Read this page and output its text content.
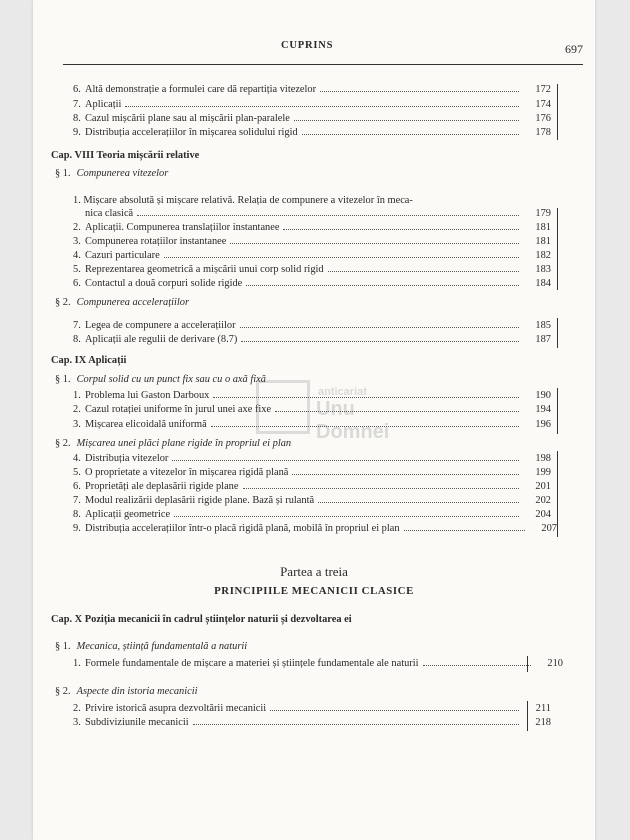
CUPRINS	697
6. Altă demonstrație a formulei care dă repartiția vitezelor	172
7. Aplicații	174
8. Cazul mișcării plane sau al mișcării plan-paralele	176
9. Distribuția accelerațiilor în mișcarea solidului rigid	178
Cap. VIII Teoria mișcării relative
§ 1. Compunerea vitezelor
1. Mișcare absolută și mișcare relativă. Relația de compunere a vitezelor în meca-
nica clasică	179
2. Aplicații. Compunerea translațiilor instantanee	181
3. Compunerea rotațiilor instantanee	181
4. Cazuri particulare	182
5. Reprezentarea geometrică a mișcării unui corp solid rigid	183
6. Contactul a două corpuri solide rigide	184
§ 2. Compunerea accelerațiilor
7. Legea de compunere a accelerațiilor	185
8. Aplicații ale regulii de derivare (8.7)	187
Cap. IX Aplicații
§ 1. Corpul solid cu un punct fix sau cu o axă fixă
1. Problema lui Gaston Darboux	190
2. Cazul rotației uniforme în jurul unei axe fixe	194
3. Mișcarea elicoidală uniformă	196
§ 2. Mișcarea unei plăci plane rigide în propriul ei plan
4. Distribuția vitezelor	198
5. O proprietate a vitezelor în mișcarea rigidă plană	199
6. Proprietăți ale deplasării rigide plane	201
7. Modul realizării deplasării rigide plane. Bază și rulantă	202
8. Aplicații geometrice	204
9. Distribuția accelerațiilor într-o placă rigidă plană, mobilă în propriul ei plan	207
Partea a treia
PRINCIPIILE MECANICII CLASICE
Cap. X Poziția mecanicii în cadrul științelor naturii și dezvoltarea ei
§ 1. Mecanica, știință fundamentală a naturii
1. Formele fundamentale de mișcare a materiei și științele fundamentale ale naturii	210
§ 2. Aspecte din istoria mecanicii
2. Privire istorică asupra dezvoltării mecanicii	211
3. Subdiviziunile mecanicii	218
anticariat
Unu Domnei
